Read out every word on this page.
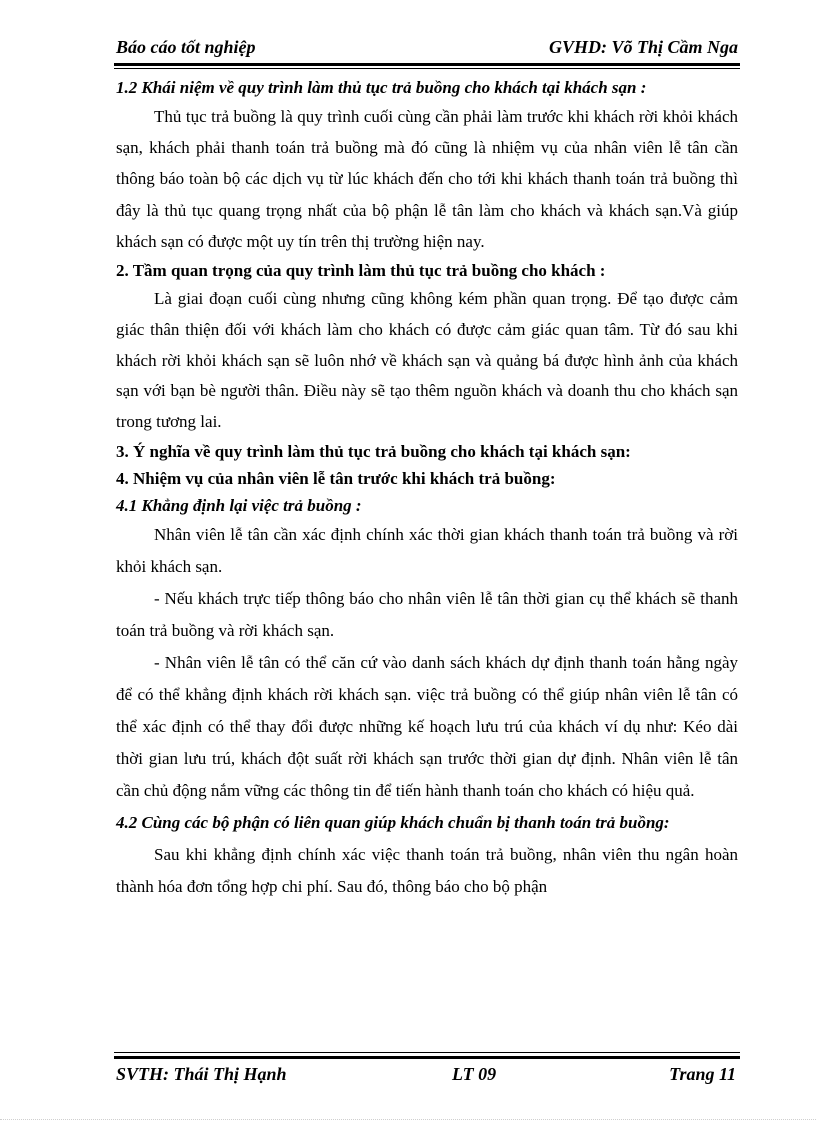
Báo cáo tốt nghiệp	GVHD: Võ Thị Cầm Nga

1.2 Khái niệm về quy trình làm thủ tục trả buồng cho khách tại khách sạn :

Thủ tục trả buồng là quy trình cuối cùng cần phải làm trước khi khách rời khỏi khách sạn, khách phải thanh toán trả buồng mà đó cũng là nhiệm vụ của nhân viên lễ tân cần thông báo toàn bộ các dịch vụ từ lúc khách đến cho tới khi khách thanh toán trả buồng thì đây là thủ tục quang trọng nhất của bộ phận lễ tân làm cho khách và khách sạn.Và giúp khách sạn có được một uy tín trên thị trường hiện nay.

2. Tầm quan trọng của quy trình làm thủ tục trả buồng cho khách :

Là giai đoạn cuối cùng nhưng cũng không kém phần quan trọng. Để tạo được cảm giác thân thiện đối với khách làm cho khách có được cảm giác quan tâm. Từ đó sau khi khách rời khỏi khách sạn sẽ luôn nhớ về khách sạn và quảng bá được hình ảnh của khách sạn với bạn bè người thân. Điều này sẽ tạo thêm nguồn khách và doanh thu cho khách sạn trong tương lai.

3. Ý nghĩa về quy trình làm thủ tục trả buồng cho khách tại khách sạn:

4. Nhiệm vụ của nhân viên lễ tân trước khi khách trả buồng:

4.1 Khẳng định lại việc trả buồng :

Nhân viên lễ tân cần xác định chính xác thời gian khách thanh toán trả buồng và rời khỏi khách sạn.

- Nếu khách trực tiếp thông báo cho nhân viên lễ tân thời gian cụ thể khách sẽ thanh toán trả buồng và rời khách sạn.

- Nhân viên lễ tân có thể căn cứ vào danh sách khách dự định thanh toán hằng ngày để có thể khẳng định khách rời khách sạn. việc trả buồng có thể giúp nhân viên lễ tân có thể xác định có thể thay đổi được những kế hoạch lưu trú của khách ví dụ như: Kéo dài thời gian lưu trú, khách đột suất rời khách sạn trước thời gian dự định. Nhân viên lễ tân cần chủ động nắm vững các thông tin để tiến hành thanh toán cho khách có hiệu quả.

4.2 Cùng các bộ phận có liên quan giúp khách chuẩn bị thanh toán trả buồng:

Sau khi khẳng định chính xác việc thanh toán trả buồng, nhân viên thu ngân hoàn thành hóa đơn tổng hợp chi phí. Sau đó, thông báo cho bộ phận

SVTH: Thái Thị Hạnh	LT 09	Trang 11
